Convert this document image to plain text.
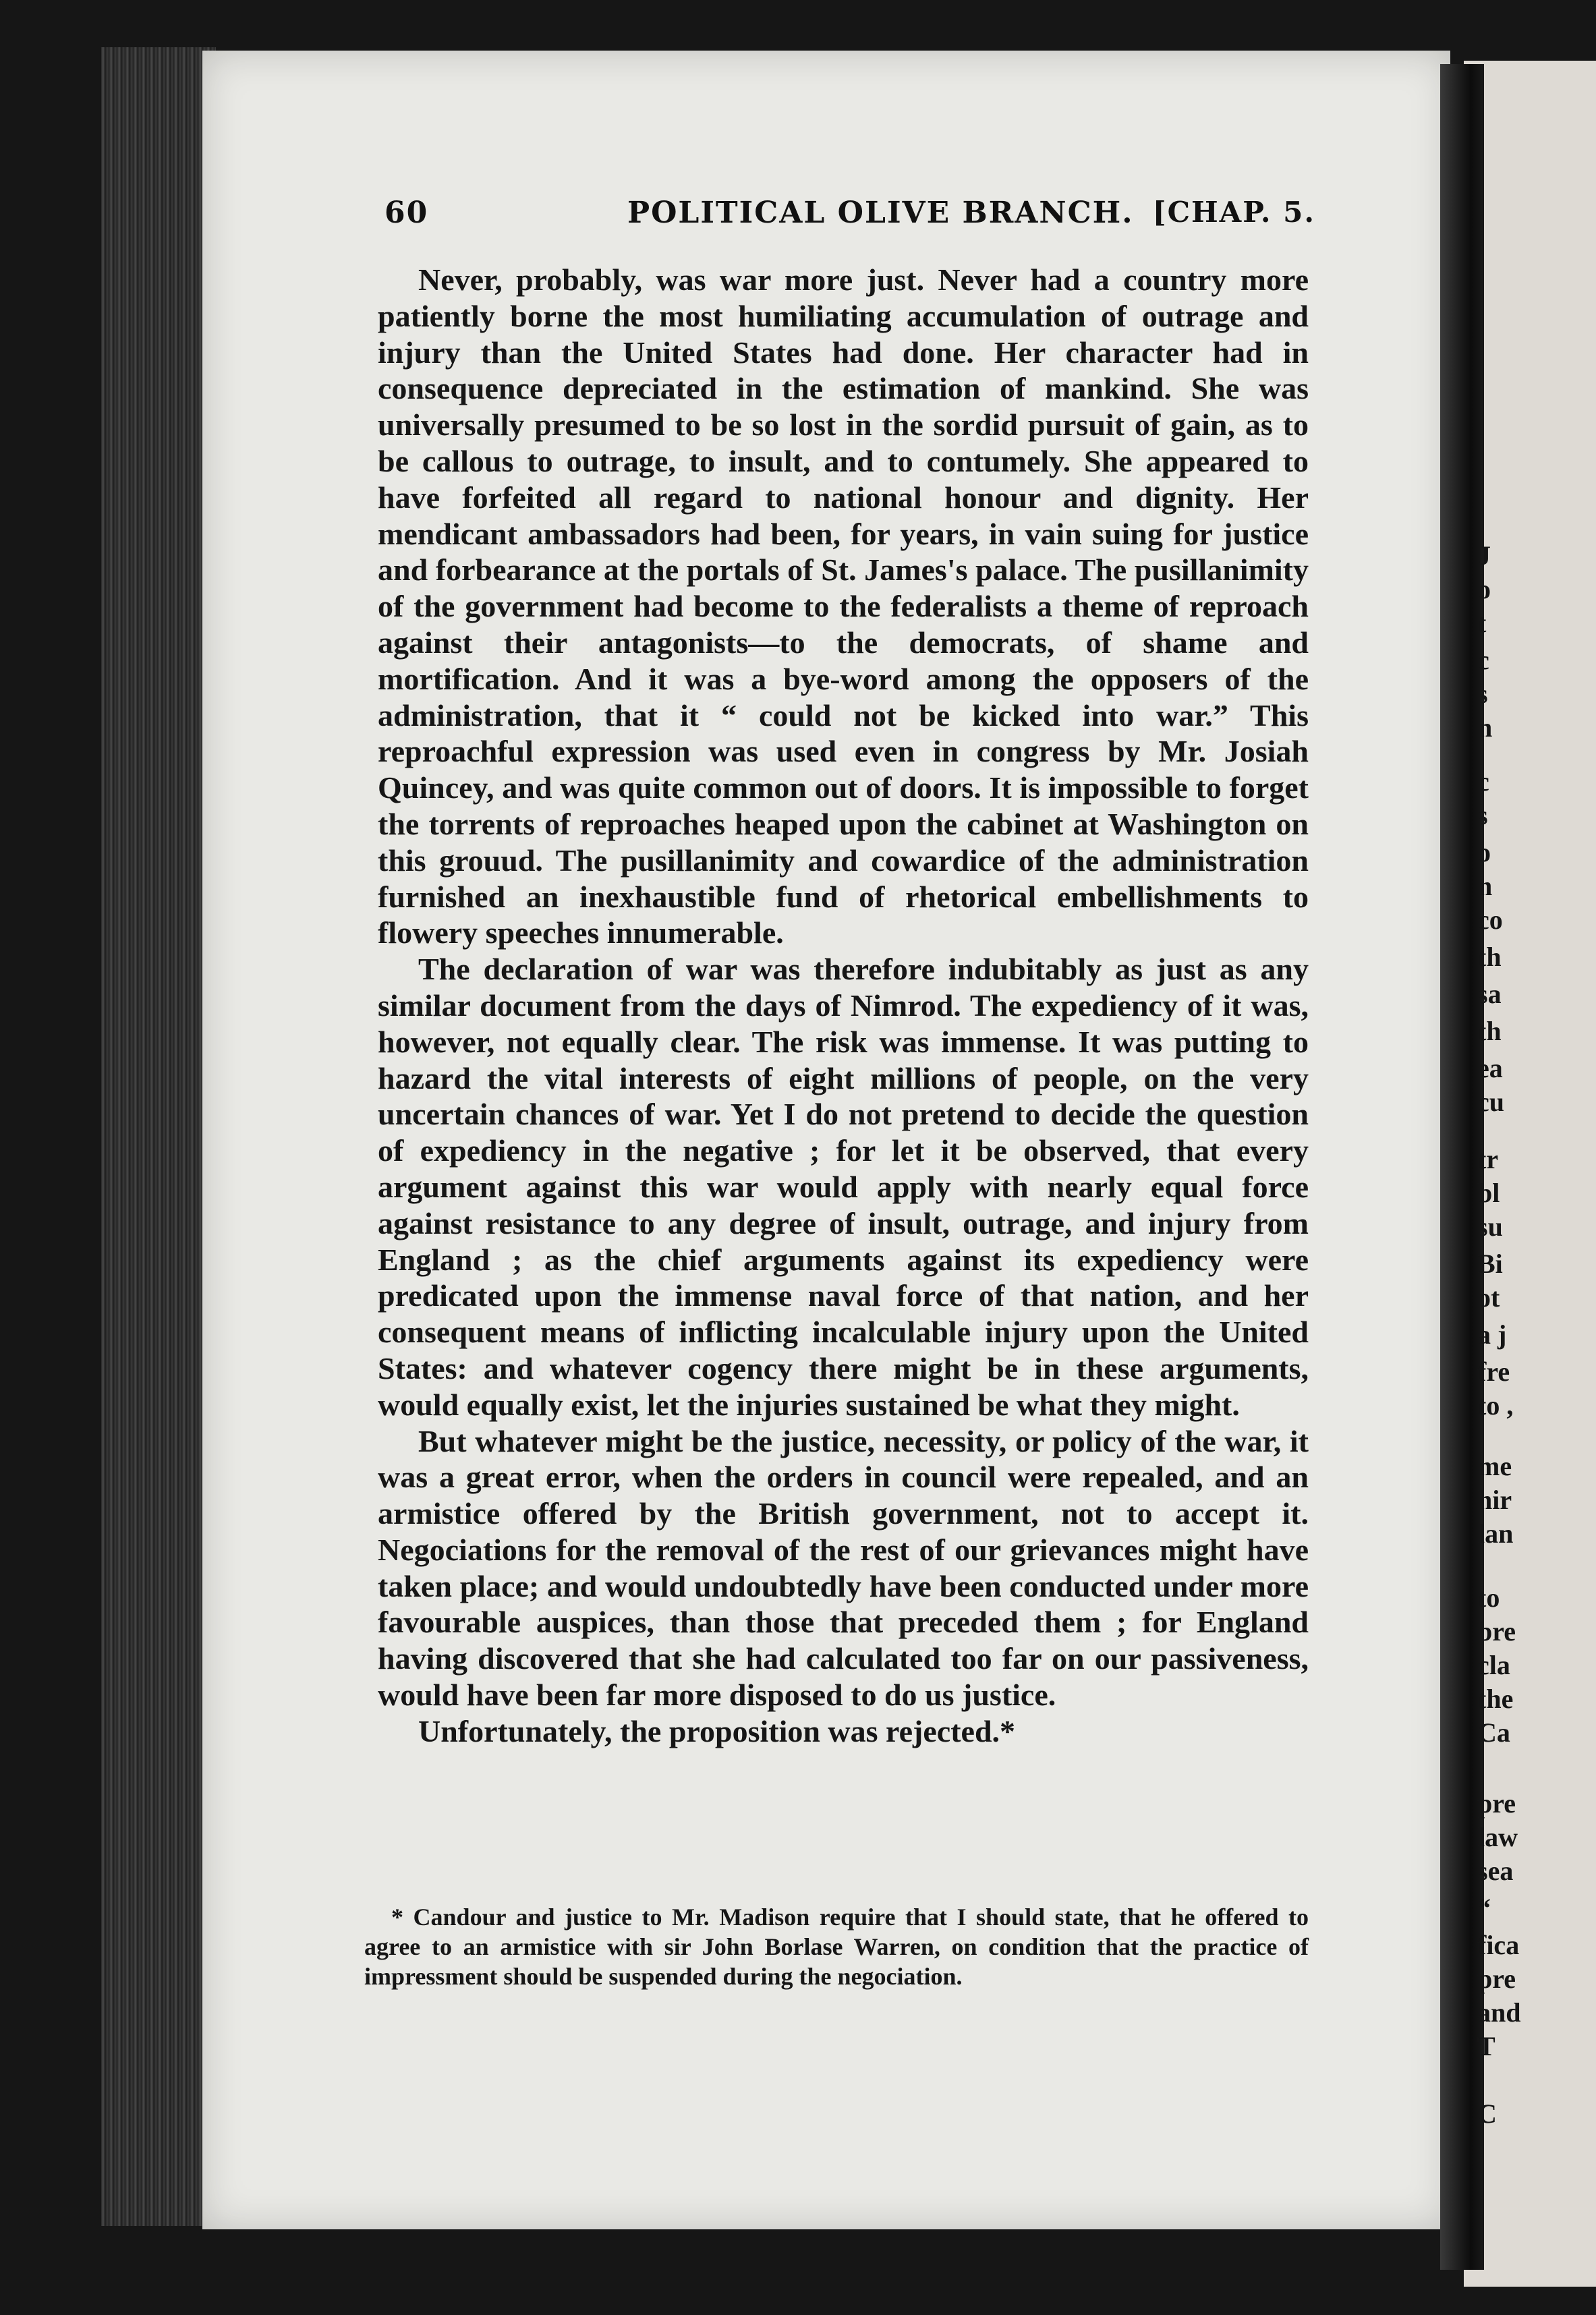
60	POLITICAL OLIVE BRANCH. [CHAP. 5.

Never, probably, was war more just. Never had a country more patiently borne the most humiliating accumulation of outrage and injury than the United States had done. Her character had in consequence depreciated in the estimation of mankind. She was universally presumed to be so lost in the sordid pursuit of gain, as to be callous to outrage, to insult, and to contumely. She appeared to have forfeited all regard to national honour and dignity. Her mendicant ambassadors had been, for years, in vain suing for justice and forbearance at the portals of St. James's palace. The pusillanimity of the government had become to the federalists a theme of reproach against their antagonists—to the democrats, of shame and mortification. And it was a bye-word among the opposers of the administration, that it “ could not be kicked into war.” This reproachful expression was used even in congress by Mr. Josiah Quincey, and was quite common out of doors. It is impossible to forget the torrents of reproaches heaped upon the cabinet at Washington on this grouud. The pusillanimity and cowardice of the administration furnished an inexhaustible fund of rhetorical embellishments to flowery speeches innumerable.

The declaration of war was therefore indubitably as just as any similar document from the days of Nimrod. The expediency of it was, however, not equally clear. The risk was immense. It was putting to hazard the vital interests of eight millions of people, on the very uncertain chances of war. Yet I do not pretend to decide the question of expediency in the negative ; for let it be observed, that every argument against this war would apply with nearly equal force against resistance to any degree of insult, outrage, and injury from England ; as the chief arguments against its expediency were predicated upon the immense naval force of that nation, and her consequent means of inflicting incalculable injury upon the United States: and whatever cogency there might be in these arguments, would equally exist, let the injuries sustained be what they might.

But whatever might be the justice, necessity, or policy of the war, it was a great error, when the orders in council were repealed, and an armistice offered by the British government, not to accept it. Negociations for the removal of the rest of our grievances might have taken place; and would undoubtedly have been conducted under more favourable auspices, than those that preceded them ; for England having discovered that she had calculated too far on our passiveness, would have been far more disposed to do us justice.

Unfortunately, the proposition was rejected.*

* Candour and justice to Mr. Madison require that I should state, that he offered to agree to an armistice with sir John Borlase Warren, on condition that the practice of impressment should be suspended during the negociation.

J
o
t
c
s
n
c
s
o
n
co
th
sa
th
ea
cu
tr
bl
su
Bi
ot
a j
fre
to ,
me
hir
lan
to
bre
cla
the
Ca
pre
law
sea
“
fica
pre
and
T
C
